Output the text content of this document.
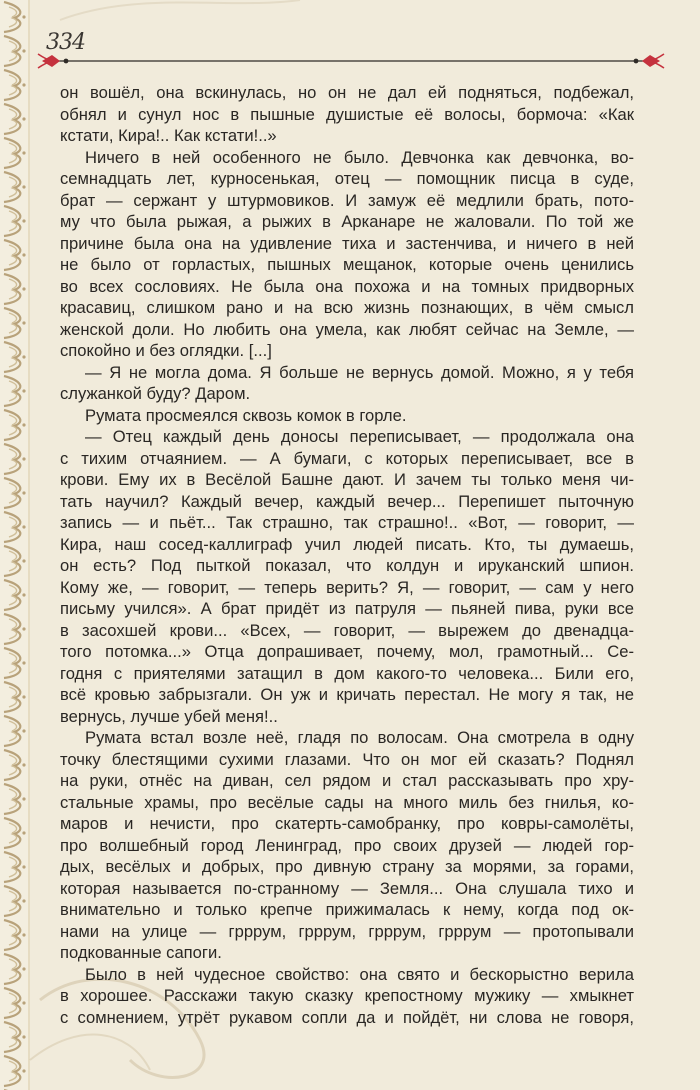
334
он вошёл, она вскинулась, но он не дал ей подняться, подбежал,
обнял и сунул нос в пышные душистые её волосы, бормоча: «Как
кстати, Кира!.. Как кстати!..»
Ничего в ней особенного не было. Девчонка как девчонка, во-
семнадцать лет, курносенькая, отец — помощник писца в суде,
брат — сержант у штурмовиков. И замуж её медлили брать, пото-
му что была рыжая, а рыжих в Арканаре не жаловали. По той же
причине была она на удивление тиха и застенчива, и ничего в ней
не было от горластых, пышных мещанок, которые очень ценились
во всех сословиях. Не была она похожа и на томных придворных
красавиц, слишком рано и на всю жизнь познающих, в чём смысл
женской доли. Но любить она умела, как любят сейчас на Земле, —
спокойно и без оглядки. [...]
— Я не могла дома. Я больше не вернусь домой. Можно, я у тебя
служанкой буду? Даром.
Румата просмеялся сквозь комок в горле.
— Отец каждый день доносы переписывает, — продолжала она
с тихим отчаянием. — А бумаги, с которых переписывает, все в
крови. Ему их в Весёлой Башне дают. И зачем ты только меня чи-
тать научил? Каждый вечер, каждый вечер... Перепишет пыточную
запись — и пьёт... Так страшно, так страшно!.. «Вот, — говорит, —
Кира, наш сосед-каллиграф учил людей писать. Кто, ты думаешь,
он есть? Под пыткой показал, что колдун и ируканский шпион.
Кому же, — говорит, — теперь верить? Я, — говорит, — сам у него
письму учился». А брат придёт из патруля — пьяней пива, руки все
в засохшей крови... «Всех, — говорит, — вырежем до двенадца-
того потомка...» Отца допрашивает, почему, мол, грамотный... Се-
годня с приятелями затащил в дом какого-то человека... Били его,
всё кровью забрызгали. Он уж и кричать перестал. Не могу я так, не
вернусь, лучше убей меня!..
Румата встал возле неё, гладя по волосам. Она смотрела в одну
точку блестящими сухими глазами. Что он мог ей сказать? Поднял
на руки, отнёс на диван, сел рядом и стал рассказывать про хру-
стальные храмы, про весёлые сады на много миль без гнилья, ко-
маров и нечисти, про скатерть-самобранку, про ковры-самолёты,
про волшебный город Ленинград, про своих друзей — людей гор-
дых, весёлых и добрых, про дивную страну за морями, за горами,
которая называется по-странному — Земля... Она слушала тихо и
внимательно и только крепче прижималась к нему, когда под ок-
нами на улице — грррум, грррум, грррум, грррум — протопывали
подкованные сапоги.
Было в ней чудесное свойство: она свято и бескорыстно верила
в хорошее. Расскажи такую сказку крепостному мужику — хмыкнет
с сомнением, утрёт рукавом сопли да и пойдёт, ни слова не говоря,
